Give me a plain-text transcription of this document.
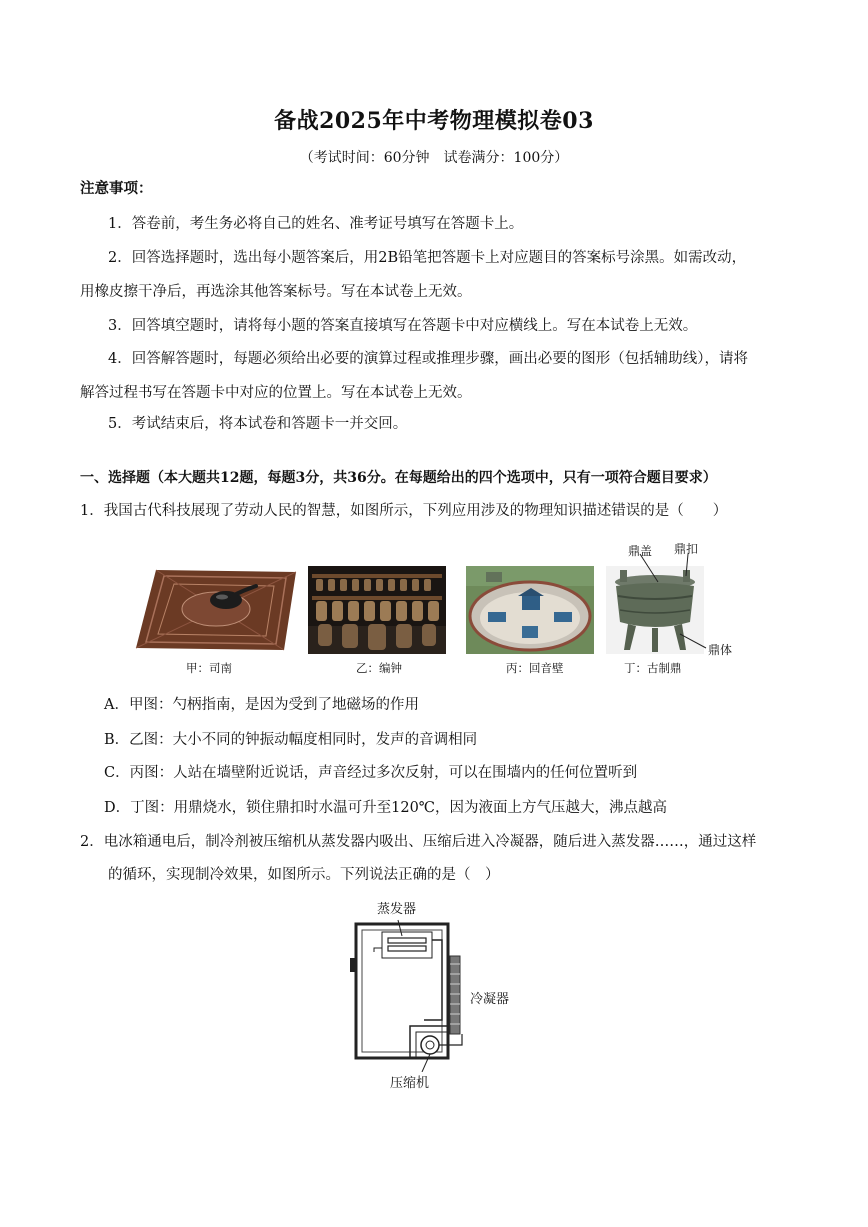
备战2025年中考物理模拟卷03
（考试时间：60分钟　试卷满分：100分）
注意事项：
1．答卷前，考生务必将自己的姓名、准考证号填写在答题卡上。
2．回答选择题时，选出每小题答案后，用2B铅笔把答题卡上对应题目的答案标号涂黑。如需改动，
用橡皮擦干净后，再选涂其他答案标号。写在本试卷上无效。
3．回答填空题时，请将每小题的答案直接填写在答题卡中对应横线上。写在本试卷上无效。
4．回答解答题时，每题必须给出必要的演算过程或推理步骤，画出必要的图形（包括辅助线），请将
解答过程书写在答题卡中对应的位置上。写在本试卷上无效。
5．考试结束后，将本试卷和答题卡一并交回。
一、选择题（本大题共12题，每题3分，共36分。在每题给出的四个选项中，只有一项符合题目要求）
1．我国古代科技展现了劳动人民的智慧，如图所示，下列应用涉及的物理知识描述错误的是（　　）
鼎盖 鼎扣
鼎体
甲：司南	乙：编钟	丙：回音壁	丁：古制鼎
A．甲图：勺柄指南，是因为受到了地磁场的作用
B．乙图：大小不同的钟振动幅度相同时，发声的音调相同
C．丙图：人站在墙壁附近说话，声音经过多次反射，可以在围墙内的任何位置听到
D．丁图：用鼎烧水，锁住鼎扣时水温可升至120℃，因为液面上方气压越大，沸点越高
2．电冰箱通电后，制冷剂被压缩机从蒸发器内吸出、压缩后进入冷凝器，随后进入蒸发器……，通过这样
的循环，实现制冷效果，如图所示。下列说法正确的是（　）
蒸发器
冷凝器
压缩机
